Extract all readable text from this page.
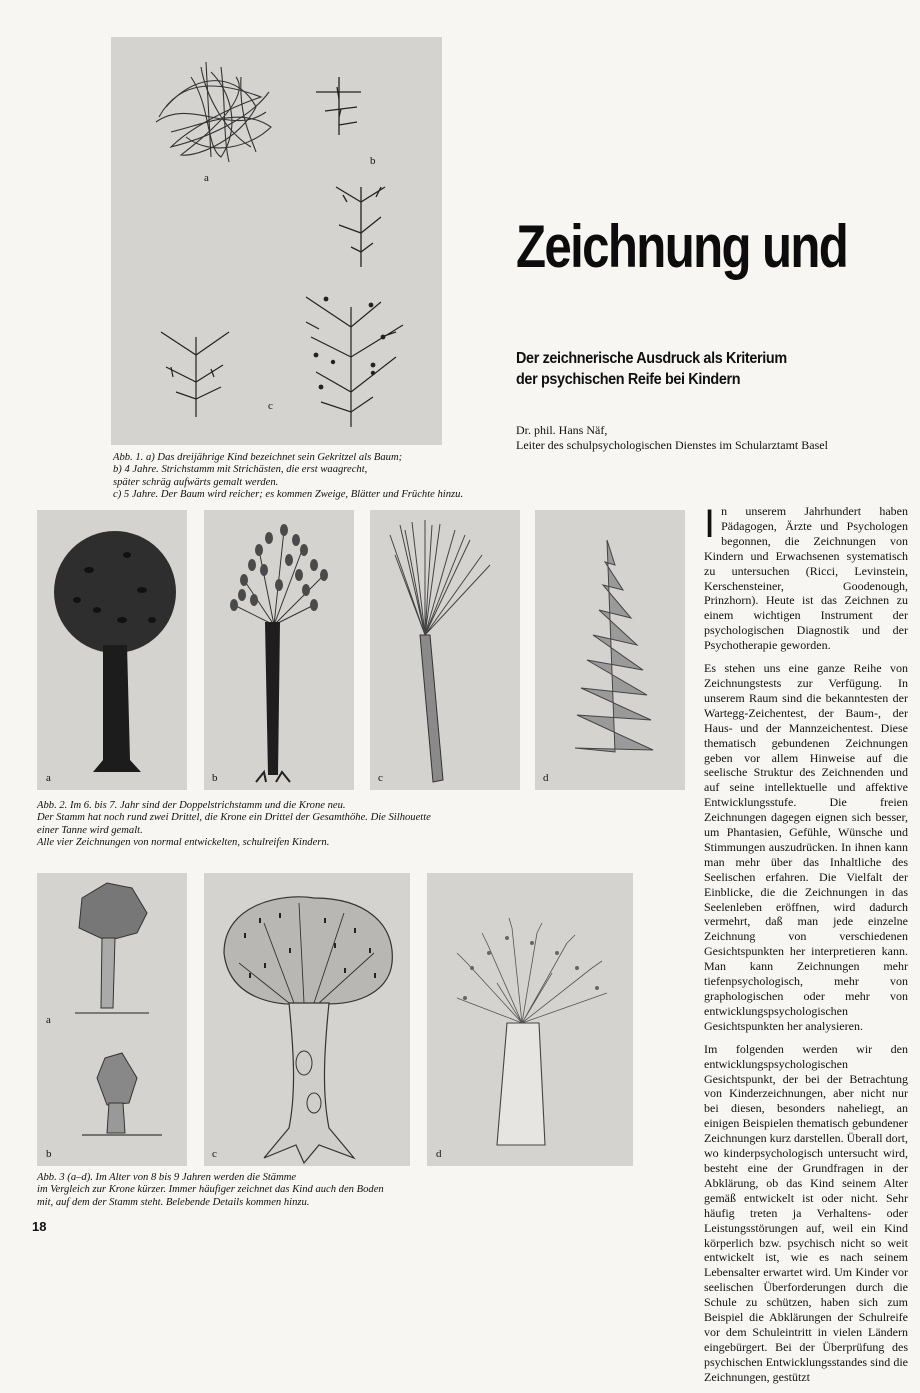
a
b
c
Abb. 1. a) Das dreijährige Kind bezeichnet sein Gekritzel als Baum;
b) 4 Jahre. Strichstamm mit Strichästen, die erst waagrecht,
später schräg aufwärts gemalt werden.
c) 5 Jahre. Der Baum wird reicher; es kommen Zweige, Blätter und Früchte hinzu.
Zeichnung und
Der zeichnerische Ausdruck als Kriterium
der psychischen Reife bei Kindern
Dr. phil. Hans Näf,
Leiter des schulpsychologischen Dienstes im Schularztamt Basel
a	b	c	d
Abb. 2. Im 6. bis 7. Jahr sind der Doppelstrichstamm und die Krone neu.
Der Stamm hat noch rund zwei Drittel, die Krone ein Drittel der Gesamthöhe. Die Silhouette
einer Tanne wird gemalt.
Alle vier Zeichnungen von normal entwickelten, schulreifen Kindern.
a
b	c	d
Abb. 3 (a–d). Im Alter von 8 bis 9 Jahren werden die Stämme
im Vergleich zur Krone kürzer. Immer häufiger zeichnet das Kind auch den Boden
mit, auf dem der Stamm steht. Belebende Details kommen hinzu.

In unserem Jahrhundert haben Pädagogen, Ärzte und Psychologen begonnen, die Zeichnungen von Kindern und Erwachsenen systematisch zu untersuchen (Ricci, Levinstein, Kerschensteiner, Goodenough, Prinzhorn). Heute ist das Zeichnen zu einem wichtigen Instrument der psychologischen Diagnostik und der Psychotherapie geworden.

Es stehen uns eine ganze Reihe von Zeichnungstests zur Verfügung. In unserem Raum sind die bekanntesten der Wartegg-Zeichentest, der Baum-, der Haus- und der Mannzeichentest. Diese thematisch gebundenen Zeichnungen geben vor allem Hinweise auf die seelische Struktur des Zeichnenden und auf seine intellektuelle und affektive Entwicklungsstufe. Die freien Zeichnungen dagegen eignen sich besser, um Phantasien, Gefühle, Wünsche und Stimmungen auszudrücken. In ihnen kann man mehr über das Inhaltliche des Seelischen erfahren. Die Vielfalt der Einblicke, die die Zeichnungen in das Seelenleben eröffnen, wird dadurch vermehrt, daß man jede einzelne Zeichnung von verschiedenen Gesichtspunkten her interpretieren kann. Man kann Zeichnungen mehr tiefenpsychologisch, mehr von graphologischen oder mehr von entwicklungspsychologischen Gesichtspunkten her analysieren.

Im folgenden werden wir den entwicklungspsychologischen Gesichtspunkt, der bei der Betrachtung von Kinderzeichnungen, aber nicht nur bei diesen, besonders naheliegt, an einigen Beispielen thematisch gebundener Zeichnungen kurz darstellen. Überall dort, wo kinderpsychologisch untersucht wird, besteht eine der Grundfragen in der Abklärung, ob das Kind seinem Alter gemäß entwickelt ist oder nicht. Sehr häufig treten ja Verhaltens- oder Leistungsstörungen auf, weil ein Kind körperlich bzw. psychisch nicht so weit entwickelt ist, wie es nach seinem Lebensalter erwartet wird. Um Kinder vor seelischen Überforderungen durch die Schule zu schützen, haben sich zum Beispiel die Abklärungen der Schulreife vor dem Schuleintritt in vielen Ländern eingebürgert. Bei der Überprüfung des psychischen Entwicklungsstandes sind die Zeichnungen, gestützt

18
